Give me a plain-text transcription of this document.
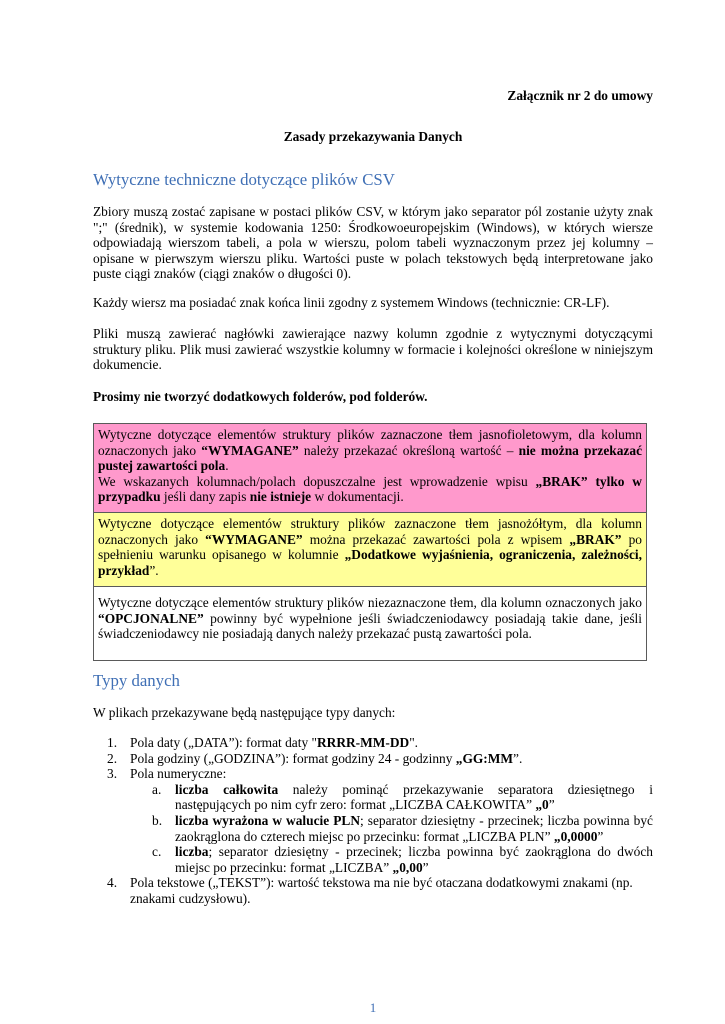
Załącznik nr 2 do umowy
Zasady przekazywania Danych
Wytyczne techniczne dotyczące plików CSV

Zbiory muszą zostać zapisane w postaci plików CSV, w którym jako separator pól zostanie użyty znak ";" (średnik), w systemie kodowania 1250: Środkowoeuropejskim (Windows), w których wiersze odpowiadają wierszom tabeli, a pola w wierszu, polom tabeli wyznaczonym przez jej kolumny – opisane w pierwszym wierszu pliku. Wartości puste w polach tekstowych będą interpretowane jako puste ciągi znaków (ciągi znaków o długości 0).

Każdy wiersz ma posiadać znak końca linii zgodny z systemem Windows (technicznie: CR-LF).

Pliki muszą zawierać nagłówki zawierające nazwy kolumn zgodnie z wytycznymi dotyczącymi struktury pliku. Plik musi zawierać wszystkie kolumny w formacie i kolejności określone w niniejszym dokumencie.

Prosimy nie tworzyć dodatkowych folderów, pod folderów.

Wytyczne dotyczące elementów struktury plików zaznaczone tłem jasnofioletowym, dla kolumn oznaczonych jako “WYMAGANE” należy przekazać określoną wartość – nie można przekazać pustej zawartości pola.
We wskazanych kolumnach/polach dopuszczalne jest wprowadzenie wpisu „BRAK” tylko w przypadku jeśli dany zapis nie istnieje w dokumentacji.

Wytyczne dotyczące elementów struktury plików zaznaczone tłem jasnożółtym, dla kolumn oznaczonych jako “WYMAGANE” można przekazać zawartości pola z wpisem „BRAK” po spełnieniu warunku opisanego w kolumnie „Dodatkowe wyjaśnienia, ograniczenia, zależności, przykład”.

Wytyczne dotyczące elementów struktury plików niezaznaczone tłem, dla kolumn oznaczonych jako “OPCJONALNE” powinny być wypełnione jeśli świadczeniodawcy posiadają takie dane, jeśli świadczeniodawcy nie posiadają danych należy przekazać pustą zawartości pola.

Typy danych

W plikach przekazywane będą następujące typy danych:

1. Pola daty („DATA”): format daty "RRRR-MM-DD".
2. Pola godziny („GODZINA”): format godziny 24 - godzinny „GG:MM”.
3. Pola numeryczne:
a. liczba całkowita należy pominąć przekazywanie separatora dziesiętnego i następujących po nim cyfr zero: format „LICZBA CAŁKOWITA” „0”
b. liczba wyrażona w walucie PLN; separator dziesiętny - przecinek; liczba powinna być zaokrąglona do czterech miejsc po przecinku: format „LICZBA PLN” „0,0000”
c. liczba; separator dziesiętny - przecinek; liczba powinna być zaokrąglona do dwóch miejsc po przecinku: format „LICZBA” „0,00”
4. Pola tekstowe („TEKST”): wartość tekstowa ma nie być otaczana dodatkowymi znakami (np. znakami cudzysłowu).
1
